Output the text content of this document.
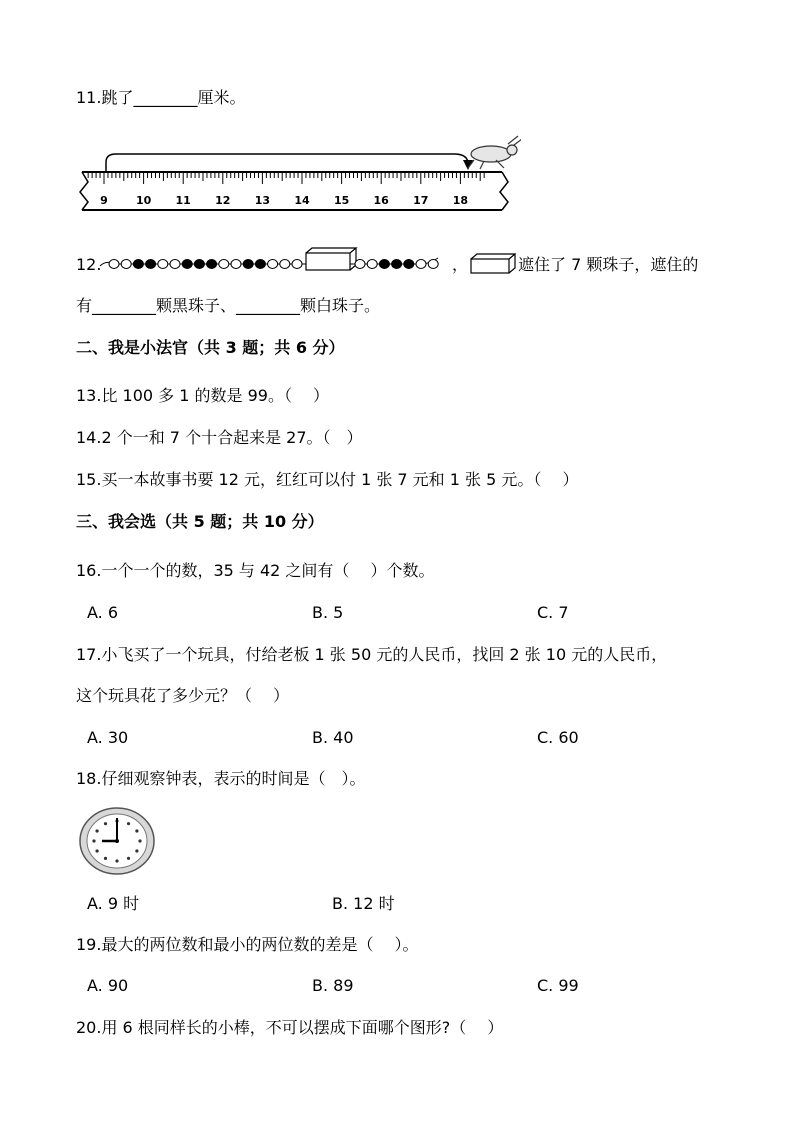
11.跳了________厘米。
9	10 11 12 13 14 15 16 17 18
12.	，	遮住了 7 颗珠子，遮住的
有________颗黑珠子、________颗白珠子。
二、我是小法官（共 3 题；共 6 分）
13.比 100 多 1 的数是 99。（　 ）
14.2 个一和 7 个十合起来是 27。（　）
15.买一本故事书要 12 元，红红可以付 1 张 7 元和 1 张 5 元。（　 ）
三、我会选（共 5 题；共 10 分）
16.一个一个的数，35 与 42 之间有（　 ）个数。
A. 6	B. 5	C. 7
17.小飞买了一个玩具，付给老板 1 张 50 元的人民币，找回 2 张 10 元的人民币，
这个玩具花了多少元？（　 ）
A. 30	B. 40	C. 60
18.仔细观察钟表，表示的时间是（　）。
A. 9 时	B. 12 时
19.最大的两位数和最小的两位数的差是（　 ）。
A. 90	B. 89	C. 99
20.用 6 根同样长的小棒，不可以摆成下面哪个图形?（　 ）
